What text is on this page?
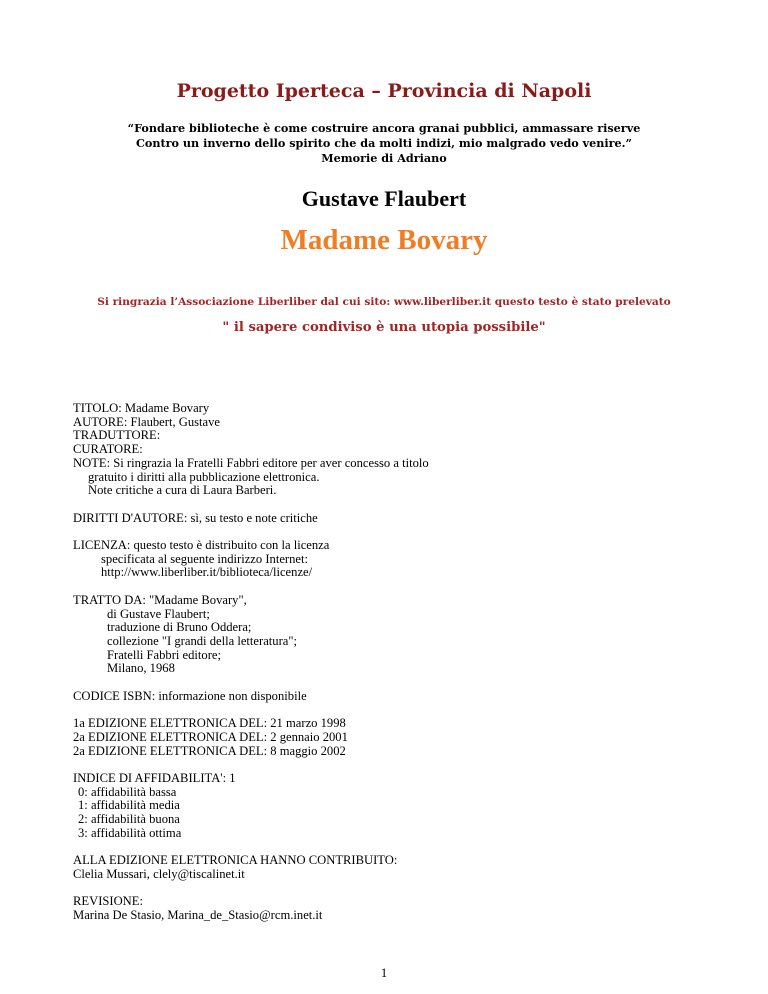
Progetto Iperteca – Provincia di Napoli
“Fondare biblioteche è come costruire ancora granai pubblici, ammassare riserve
Contro un inverno dello spirito che da molti indizi, mio malgrado vedo venire.”
Memorie di Adriano
Gustave Flaubert
Madame Bovary
Si ringrazia l’Associazione Liberliber dal cui sito: www.liberliber.it questo testo è stato prelevato
" il sapere condiviso è una utopia possibile"
TITOLO: Madame Bovary
AUTORE: Flaubert, Gustave
TRADUTTORE:
CURATORE:
NOTE: Si ringrazia la Fratelli Fabbri editore per aver concesso a titolo
gratuito i diritti alla pubblicazione elettronica.
Note critiche a cura di Laura Barberi.
DIRITTI D'AUTORE: sì, su testo e note critiche
LICENZA: questo testo è distribuito con la licenza
specificata al seguente indirizzo Internet:
http://www.liberliber.it/biblioteca/licenze/
TRATTO DA: "Madame Bovary",
di Gustave Flaubert;
traduzione di Bruno Oddera;
collezione "I grandi della letteratura";
Fratelli Fabbri editore;
Milano, 1968
CODICE ISBN: informazione non disponibile
1a EDIZIONE ELETTRONICA DEL: 21 marzo 1998
2a EDIZIONE ELETTRONICA DEL: 2 gennaio 2001
2a EDIZIONE ELETTRONICA DEL: 8 maggio 2002
INDICE DI AFFIDABILITA': 1
0: affidabilità bassa
1: affidabilità media
2: affidabilità buona
3: affidabilità ottima
ALLA EDIZIONE ELETTRONICA HANNO CONTRIBUITO:
Clelia Mussari, clely@tiscalinet.it
REVISIONE:
Marina De Stasio, Marina_de_Stasio@rcm.inet.it
1
